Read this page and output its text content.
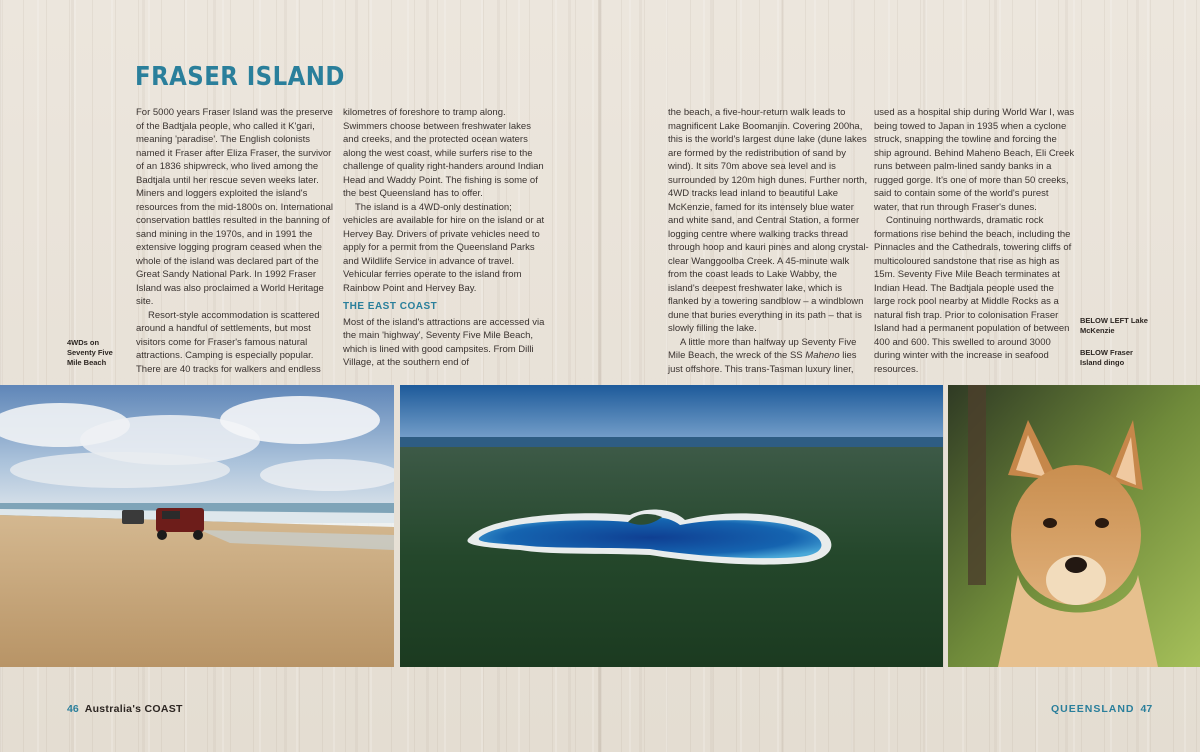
FRASER ISLAND

For 5000 years Fraser Island was the preserve of the Badtjala people, who called it K'gari, meaning 'paradise'. The English colonists named it Fraser after Eliza Fraser, the survivor of an 1836 shipwreck, who lived among the Badtjala until her rescue seven weeks later. Miners and loggers exploited the island's resources from the mid-1800s on. International conservation battles resulted in the banning of sand mining in the 1970s, and in 1991 the extensive logging program ceased when the whole of the island was declared part of the Great Sandy National Park. In 1992 Fraser Island was also proclaimed a World Heritage site.

Resort-style accommodation is scattered around a handful of settlements, but most visitors come for Fraser's famous natural attractions. Camping is especially popular. There are 40 tracks for walkers and endless

kilometres of foreshore to tramp along. Swimmers choose between freshwater lakes and creeks, and the protected ocean waters along the west coast, while surfers rise to the challenge of quality right-handers around Indian Head and Waddy Point. The fishing is some of the best Queensland has to offer.

The island is a 4WD-only destination; vehicles are available for hire on the island or at Hervey Bay. Drivers of private vehicles need to apply for a permit from the Queensland Parks and Wildlife Service in advance of travel. Vehicular ferries operate to the island from Rainbow Point and Hervey Bay.

THE EAST COAST

Most of the island's attractions are accessed via the main 'highway', Seventy Five Mile Beach, which is lined with good campsites. From Dilli Village, at the southern end of

the beach, a five-hour-return walk leads to magnificent Lake Boomanjin. Covering 200ha, this is the world's largest dune lake (dune lakes are formed by the redistribution of sand by wind). It sits 70m above sea level and is surrounded by 120m high dunes. Further north, 4WD tracks lead inland to beautiful Lake McKenzie, famed for its intensely blue water and white sand, and Central Station, a former logging centre where walking tracks thread through hoop and kauri pines and along crystal-clear Wanggoolba Creek. A 45-minute walk from the coast leads to Lake Wabby, the island's deepest freshwater lake, which is flanked by a towering sandblow – a windblown dune that buries everything in its path – that is slowly filling the lake.

A little more than halfway up Seventy Five Mile Beach, the wreck of the SS Maheno lies just offshore. This trans-Tasman luxury liner,

used as a hospital ship during World War I, was being towed to Japan in 1935 when a cyclone struck, snapping the towline and forcing the ship aground. Behind Maheno Beach, Eli Creek runs between palm-lined sandy banks in a rugged gorge. It's one of more than 50 creeks, said to contain some of the world's purest water, that run through Fraser's dunes.

Continuing northwards, dramatic rock formations rise behind the beach, including the Pinnacles and the Cathedrals, towering cliffs of multicoloured sandstone that rise as high as 15m. Seventy Five Mile Beach terminates at Indian Head. The Badtjala people used the large rock pool nearby at Middle Rocks as a natural fish trap. Prior to colonisation Fraser Island had a permanent population of between 400 and 600. This swelled to around 3000 during winter with the increase in seafood resources.

4WDs on Seventy Five Mile Beach
BELOW LEFT Lake McKenzie
BELOW Fraser Island dingo
46 Australia's COAST	QUEENSLAND 47
